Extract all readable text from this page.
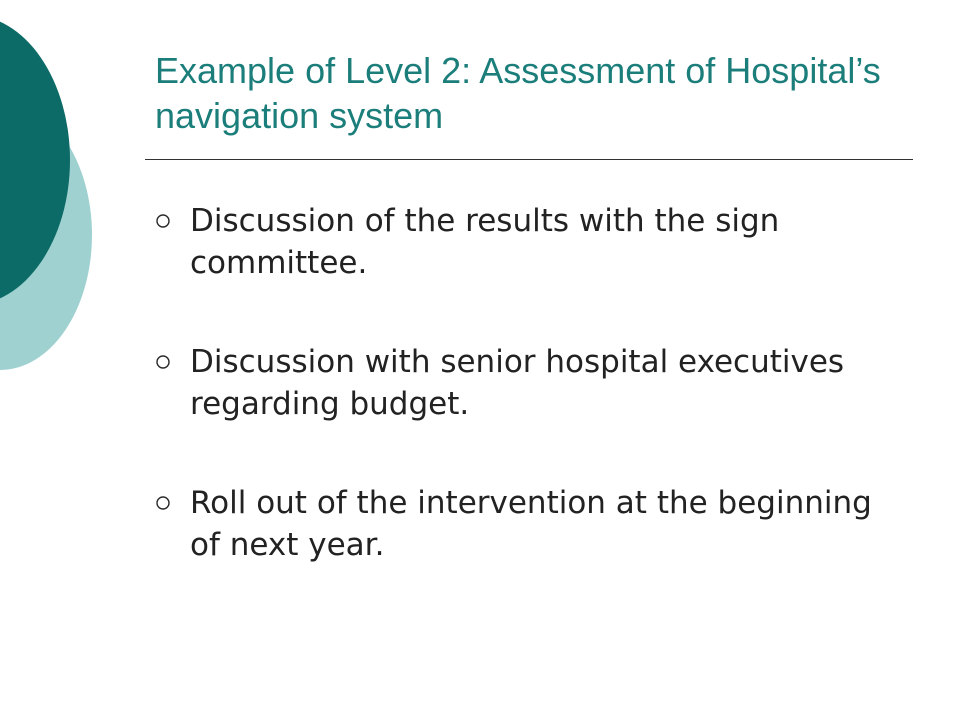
Example of Level 2: Assessment of Hospital’s navigation system
Discussion of the results with the sign committee.
Discussion with senior hospital executives regarding budget.
Roll out of the intervention at the beginning of next year.
